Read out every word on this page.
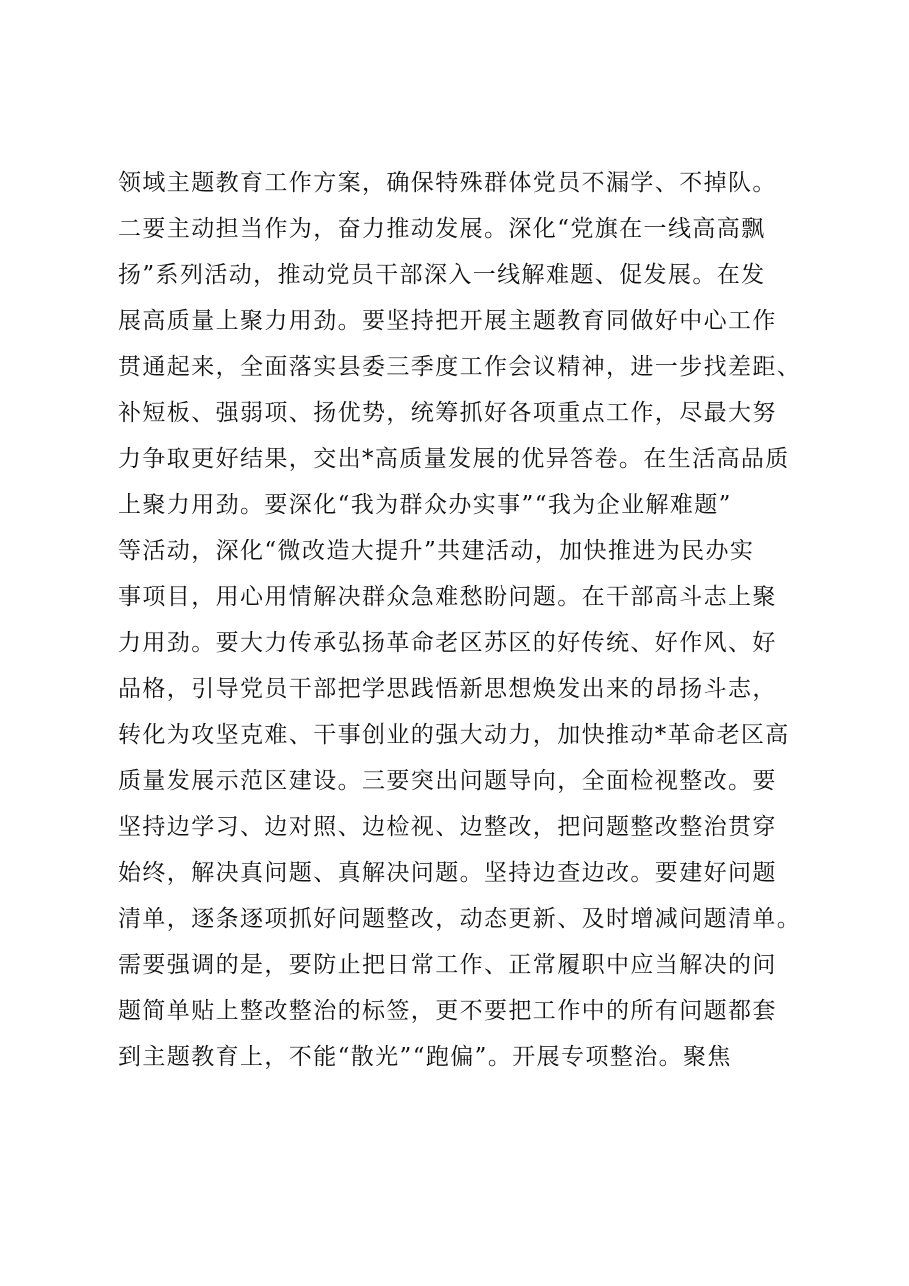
领域主题教育工作方案，确保特殊群体党员不漏学、不掉队。
二要主动担当作为，奋力推动发展。深化“党旗在一线高高飘
扬”系列活动，推动党员干部深入一线解难题、促发展。在发
展高质量上聚力用劲。要坚持把开展主题教育同做好中心工作
贯通起来，全面落实县委三季度工作会议精神，进一步找差距、
补短板、强弱项、扬优势，统筹抓好各项重点工作，尽最大努
力争取更好结果，交出*高质量发展的优异答卷。在生活高品质
上聚力用劲。要深化“我为群众办实事”“我为企业解难题”
等活动，深化“微改造大提升”共建活动，加快推进为民办实
事项目，用心用情解决群众急难愁盼问题。在干部高斗志上聚
力用劲。要大力传承弘扬革命老区苏区的好传统、好作风、好
品格，引导党员干部把学思践悟新思想焕发出来的昂扬斗志，
转化为攻坚克难、干事创业的强大动力，加快推动*革命老区高
质量发展示范区建设。三要突出问题导向，全面检视整改。要
坚持边学习、边对照、边检视、边整改，把问题整改整治贯穿
始终，解决真问题、真解决问题。坚持边查边改。要建好问题
清单，逐条逐项抓好问题整改，动态更新、及时增减问题清单。
需要强调的是，要防止把日常工作、正常履职中应当解决的问
题简单贴上整改整治的标签，更不要把工作中的所有问题都套
到主题教育上，不能“散光”“跑偏”。开展专项整治。聚焦
